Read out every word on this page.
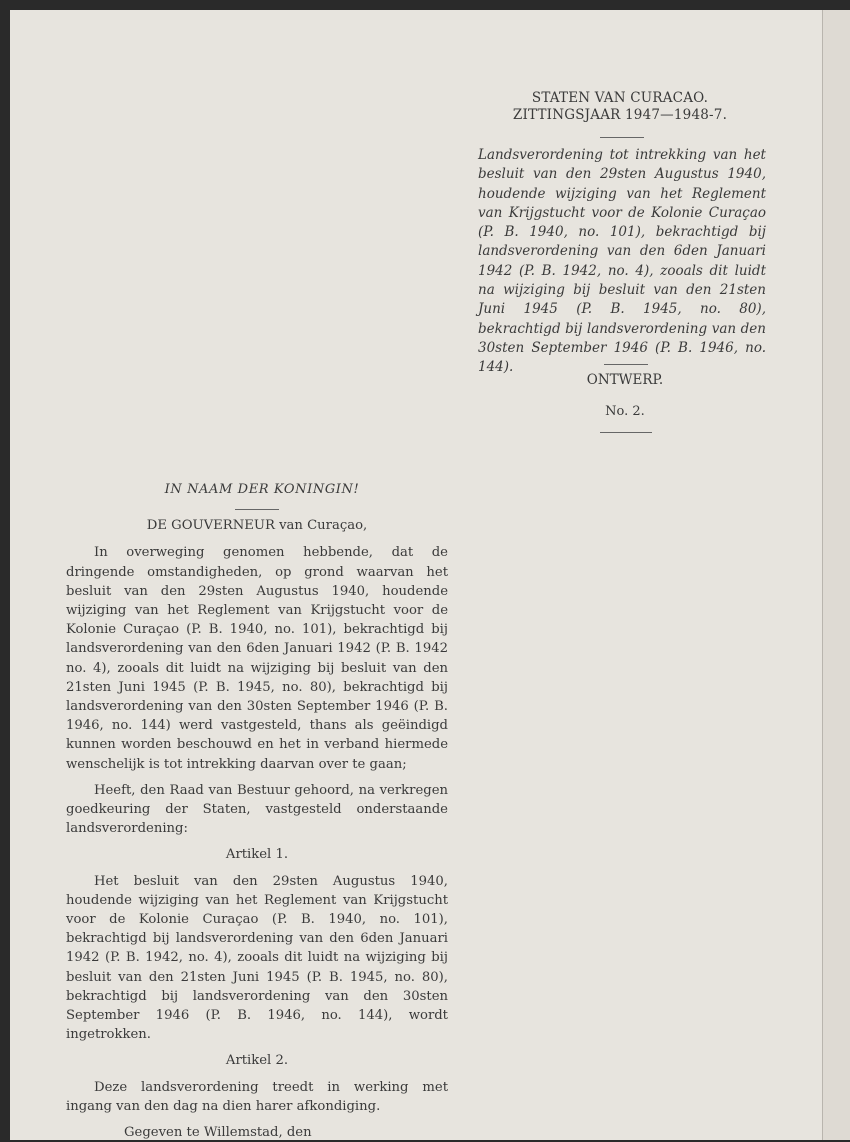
STATEN VAN CURACAO.
ZITTINGSJAAR 1947—1948-7.
Landsverordening tot intrekking van het besluit van den 29sten Augustus 1940, houdende wijziging van het Reglement van Krijgstucht voor de Kolonie Curaçao (P. B. 1940, no. 101), bekrachtigd bij landsverordening van den 6den Januari 1942 (P. B. 1942, no. 4), zooals dit luidt na wijziging bij besluit van den 21sten Juni 1945 (P. B. 1945, no. 80), bekrachtigd bij landsverordening van den 30sten September 1946 (P. B. 1946, no. 144).
ONTWERP.
No. 2.
IN NAAM DER KONINGIN!
DE GOUVERNEUR van Curaçao,

In overweging genomen hebbende, dat de dringende omstandigheden, op grond waarvan het besluit van den 29sten Augustus 1940, houdende wijziging van het Reglement van Krijgstucht voor de Kolonie Curaçao (P. B. 1940, no. 101), bekrachtigd bij landsverordening van den 6den Januari 1942 (P. B. 1942 no. 4), zooals dit luidt na wijziging bij besluit van den 21sten Juni 1945 (P. B. 1945, no. 80), bekrachtigd bij landsverordening van den 30sten September 1946 (P. B. 1946, no. 144) werd vastgesteld, thans als geëindigd kunnen worden beschouwd en het in verband hiermede wenschelijk is tot intrekking daarvan over te gaan;

Heeft, den Raad van Bestuur gehoord, na verkregen goedkeuring der Staten, vastgesteld onderstaande landsverordening:

Artikel 1.

Het besluit van den 29sten Augustus 1940, houdende wijziging van het Reglement van Krijgstucht voor de Kolonie Curaçao (P. B. 1940, no. 101), bekrachtigd bij landsverordening van den 6den Januari 1942 (P. B. 1942, no. 4), zooals dit luidt na wijziging bij besluit van den 21sten Juni 1945 (P. B. 1945, no. 80), bekrachtigd bij landsverordening van den 30sten September 1946 (P. B. 1946, no. 144), wordt ingetrokken.

Artikel 2.

Deze landsverordening treedt in werking met ingang van den dag na dien harer afkondiging.

Gegeven te Willemstad, den
